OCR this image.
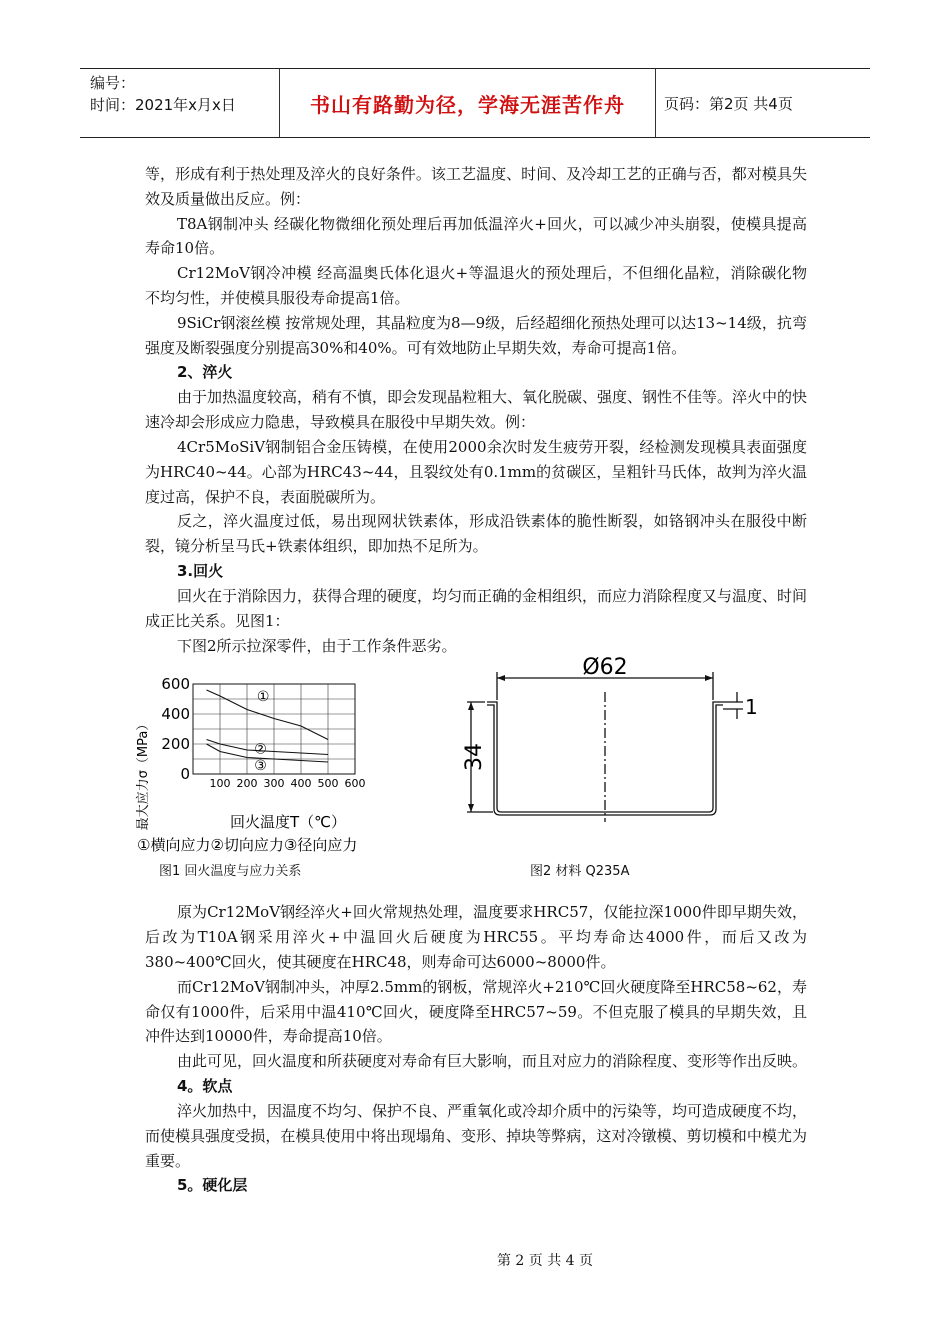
编号：
时间：2021年x月x日	书山有路勤为径，学海无涯苦作舟	页码：第2页 共4页

等，形成有利于热处理及淬火的良好条件。该工艺温度、时间、及冷却工艺的正确与否，都对模具失效及质量做出反应。例：

T8A钢制冲头 经碳化物微细化预处理后再加低温淬火+回火，可以减少冲头崩裂，使模具提高寿命10倍。

Cr12MoV钢冷冲模 经高温奥氏体化退火+等温退火的预处理后，不但细化晶粒，消除碳化物不均匀性，并使模具服役寿命提高1倍。

9SiCr钢滚丝模 按常规处理，其晶粒度为8—9级，后经超细化预热处理可以达13~14级，抗弯强度及断裂强度分别提高30%和40%。可有效地防止早期失效，寿命可提高1倍。

2、淬火

由于加热温度较高，稍有不慎，即会发现晶粒粗大、氧化脱碳、强度、钢性不佳等。淬火中的快速冷却会形成应力隐患，导致模具在服役中早期失效。例：

4Cr5MoSiV钢制铝合金压铸模，在使用2000余次时发生疲劳开裂，经检测发现模具表面强度为HRC40~44。心部为HRC43~44，且裂纹处有0.1mm的贫碳区，呈粗针马氏体，故判为淬火温度过高，保护不良，表面脱碳所为。

反之，淬火温度过低，易出现网状铁素体，形成沿铁素体的脆性断裂，如铬钢冲头在服役中断裂，镜分析呈马氏+铁素体组织，即加热不足所为。

3.回火

回火在于消除因力，获得合理的硬度，均匀而正确的金相组织，而应力消除程度又与温度、时间成正比关系。见图1：

下图2所示拉深零件，由于工作条件恶劣。

600
400
200
0
100 200 300 400 500 600
①
②
③
最大应力σ（MPa）	回火温度T（℃）
①横向应力②切向应力③径向应力
图1 回火温度与应力关系
Ø62
34
1
图2 材料 Q235A

原为Cr12MoV钢经淬火+回火常规热处理，温度要求HRC57，仅能拉深1000件即早期失效，后改为T10A钢采用淬火+中温回火后硬度为HRC55。平均寿命达4000件，而后又改为380~400℃回火，使其硬度在HRC48，则寿命可达6000~8000件。

而Cr12MoV钢制冲头，冲厚2.5mm的钢板，常规淬火+210℃回火硬度降至HRC58~62，寿命仅有1000件，后采用中温410℃回火，硬度降至HRC57~59。不但克服了模具的早期失效，且冲件达到10000件，寿命提高10倍。

由此可见，回火温度和所获硬度对寿命有巨大影响，而且对应力的消除程度、变形等作出反映。

4。软点

淬火加热中，因温度不均匀、保护不良、严重氧化或冷却介质中的污染等，均可造成硬度不均，而使模具强度受损，在模具使用中将出现塌角、变形、掉块等弊病，这对冷镦模、剪切模和中模尤为重要。

5。硬化层

第 2 页 共 4 页
